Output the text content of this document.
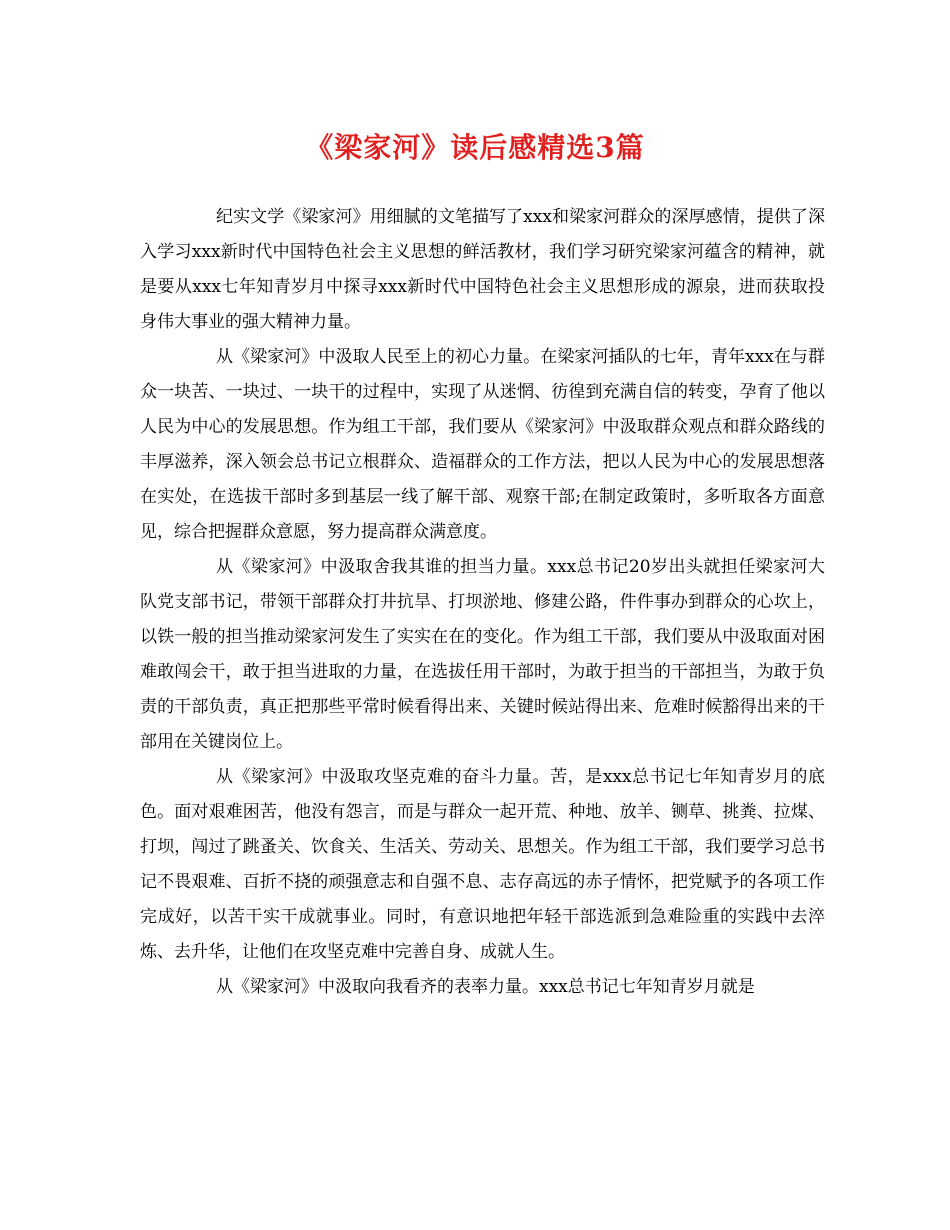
《梁家河》读后感精选3篇

纪实文学《梁家河》用细腻的文笔描写了xxx和梁家河群众的深厚感情，提供了深入学习xxx新时代中国特色社会主义思想的鲜活教材，我们学习研究梁家河蕴含的精神，就是要从xxx七年知青岁月中探寻xxx新时代中国特色社会主义思想形成的源泉，进而获取投身伟大事业的强大精神力量。

从《梁家河》中汲取人民至上的初心力量。在梁家河插队的七年，青年xxx在与群众一块苦、一块过、一块干的过程中，实现了从迷惘、彷徨到充满自信的转变，孕育了他以人民为中心的发展思想。作为组工干部，我们要从《梁家河》中汲取群众观点和群众路线的丰厚滋养，深入领会总书记立根群众、造福群众的工作方法，把以人民为中心的发展思想落在实处，在选拔干部时多到基层一线了解干部、观察干部;在制定政策时，多听取各方面意见，综合把握群众意愿，努力提高群众满意度。

从《梁家河》中汲取舍我其谁的担当力量。xxx总书记20岁出头就担任梁家河大队党支部书记，带领干部群众打井抗旱、打坝淤地、修建公路，件件事办到群众的心坎上，以铁一般的担当推动梁家河发生了实实在在的变化。作为组工干部，我们要从中汲取面对困难敢闯会干，敢于担当进取的力量，在选拔任用干部时，为敢于担当的干部担当，为敢于负责的干部负责，真正把那些平常时候看得出来、关键时候站得出来、危难时候豁得出来的干部用在关键岗位上。

从《梁家河》中汲取攻坚克难的奋斗力量。苦，是xxx总书记七年知青岁月的底色。面对艰难困苦，他没有怨言，而是与群众一起开荒、种地、放羊、铡草、挑粪、拉煤、打坝，闯过了跳蚤关、饮食关、生活关、劳动关、思想关。作为组工干部，我们要学习总书记不畏艰难、百折不挠的顽强意志和自强不息、志存高远的赤子情怀，把党赋予的各项工作完成好，以苦干实干成就事业。同时，有意识地把年轻干部选派到急难险重的实践中去淬炼、去升华，让他们在攻坚克难中完善自身、成就人生。

从《梁家河》中汲取向我看齐的表率力量。xxx总书记七年知青岁月就是
